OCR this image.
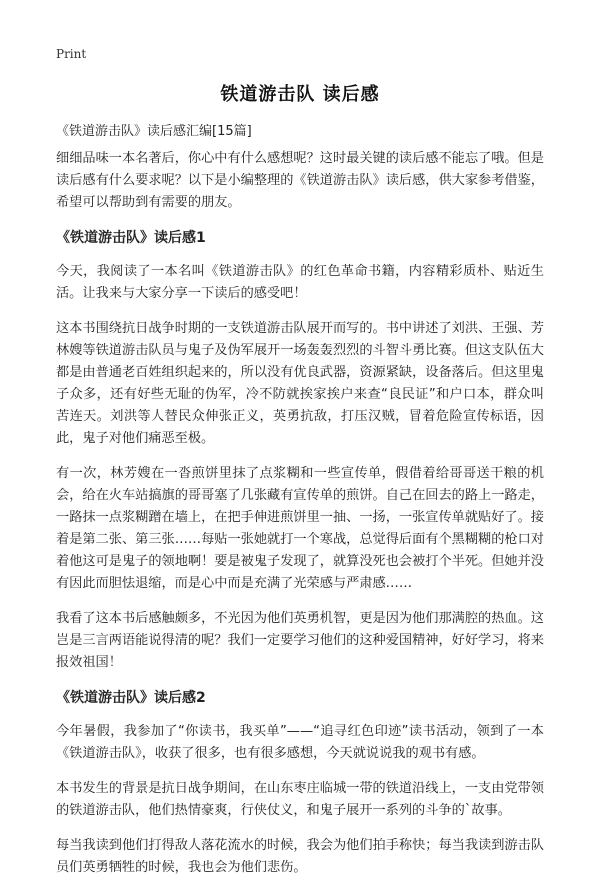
Print
铁道游击队 读后感
《铁道游击队》读后感汇编[15篇]

细细品味一本名著后，你心中有什么感想呢？这时最关键的读后感不能忘了哦。但是读后感有什么要求呢？以下是小编整理的《铁道游击队》读后感，供大家参考借鉴，希望可以帮助到有需要的朋友。

《铁道游击队》读后感1

今天，我阅读了一本名叫《铁道游击队》的红色革命书籍，内容精彩质朴、贴近生活。让我来与大家分享一下读后的感受吧！

这本书围绕抗日战争时期的一支铁道游击队展开而写的。书中讲述了刘洪、王强、芳林嫂等铁道游击队员与鬼子及伪军展开一场轰轰烈烈的斗智斗勇比赛。但这支队伍大都是由普通老百姓组织起来的，所以没有优良武器，资源紧缺，设备落后。但这里鬼子众多，还有好些无耻的伪军，冷不防就挨家挨户来查“良民证”和户口本，群众叫苦连天。刘洪等人替民众伸张正义，英勇抗敌，打压汉贼，冒着危险宣传标语，因此，鬼子对他们痛恶至极。

有一次，林芳嫂在一沓煎饼里抹了点浆糊和一些宣传单，假借着给哥哥送干粮的机会，给在火车站搞旗的哥哥塞了几张藏有宣传单的煎饼。自己在回去的路上一路走，一路抹一点浆糊蹭在墙上，在把手伸进煎饼里一抽、一扬，一张宣传单就贴好了。接着是第二张、第三张……每贴一张她就打一个寒战，总觉得后面有个黑糊糊的枪口对着他这可是鬼子的领地啊！要是被鬼子发现了，就算没死也会被打个半死。但她并没有因此而胆怯退缩，而是心中而是充满了光荣感与严肃感……

我看了这本书后感触颇多，不光因为他们英勇机智，更是因为他们那满腔的热血。这岂是三言两语能说得清的呢？我们一定要学习他们的这种爱国精神，好好学习，将来报效祖国！

《铁道游击队》读后感2

今年暑假，我参加了“你读书，我买单”——“追寻红色印迹”读书活动，领到了一本《铁道游击队》，收获了很多，也有很多感想，今天就说说我的观书有感。

本书发生的背景是抗日战争期间，在山东枣庄临城一带的铁道沿线上，一支由党带领的铁道游击队，他们热情豪爽，行侠仗义，和鬼子展开一系列的斗争的`故事。

每当我读到他们打得敌人落花流水的时候，我会为他们拍手称快；每当我读到游击队员们英勇牺牲的时候，我也会为他们悲伤。
